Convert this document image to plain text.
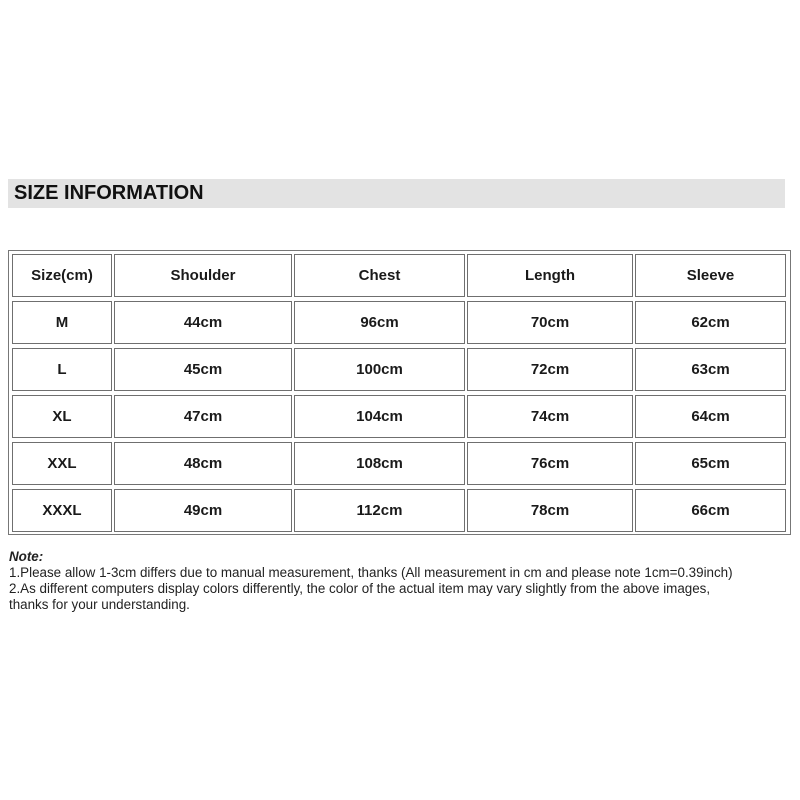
SIZE INFORMATION
Size(cm)	Shoulder	Chest	Length	Sleeve
M	44cm	96cm	70cm	62cm
L	45cm	100cm	72cm	63cm
XL	47cm	104cm	74cm	64cm
XXL	48cm	108cm	76cm	65cm
XXXL	49cm	112cm	78cm	66cm
Note:
1.Please allow 1-3cm differs due to manual measurement, thanks (All measurement in cm and please note 1cm=0.39inch)
2.As different computers display colors differently, the color of the actual item may vary slightly from the above images,
thanks for your understanding.
